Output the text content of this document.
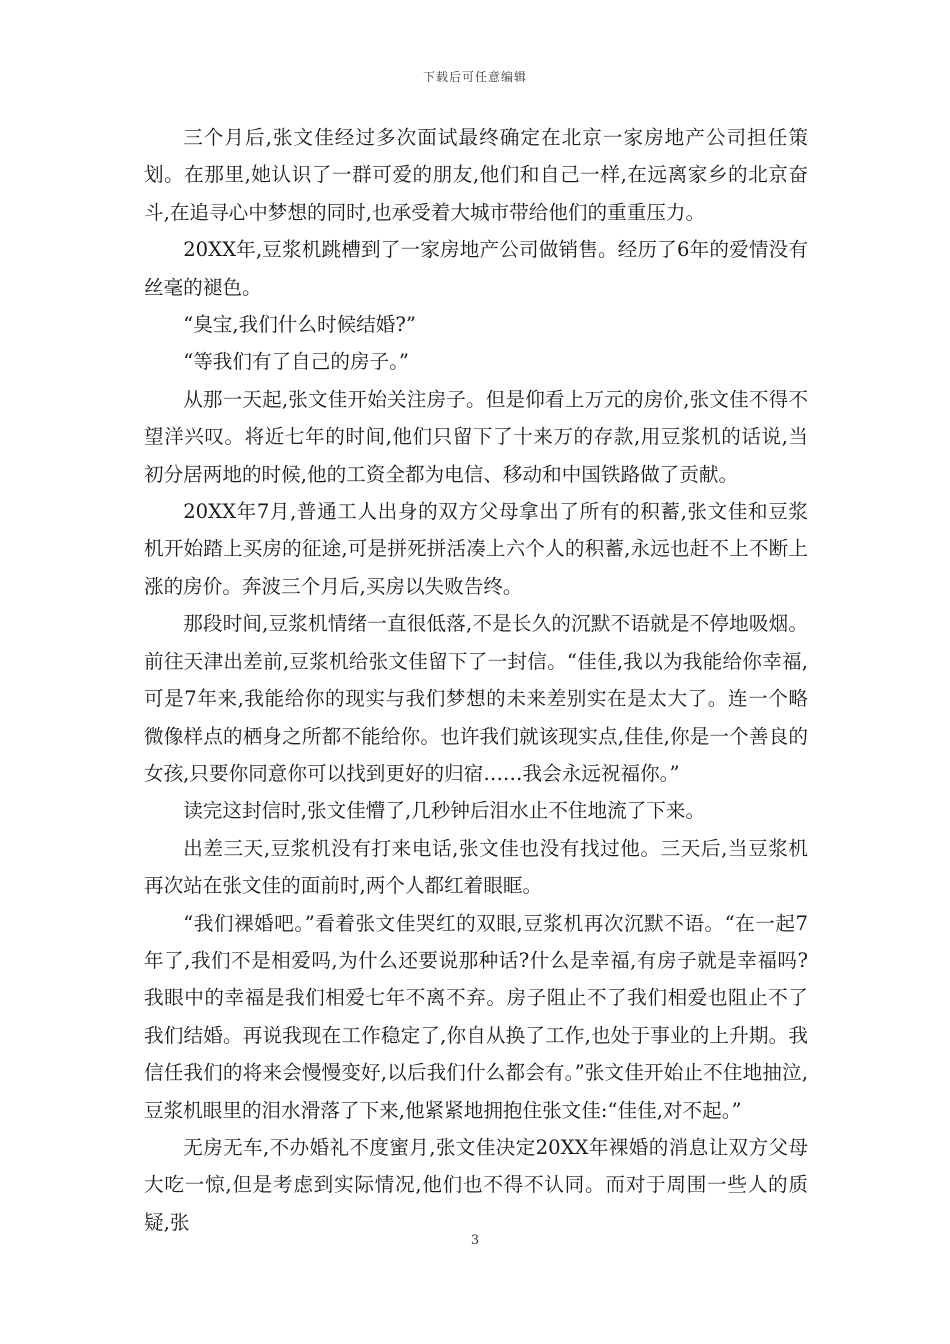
下载后可任意编辑

三个月后,张文佳经过多次面试最终确定在北京一家房地产公司担任策划。在那里,她认识了一群可爱的朋友,他们和自己一样,在远离家乡的北京奋斗,在追寻心中梦想的同时,也承受着大城市带给他们的重重压力。

20XX年,豆浆机跳槽到了一家房地产公司做销售。经历了6年的爱情没有丝毫的褪色。

“臭宝,我们什么时候结婚?”

“等我们有了自己的房子。”

从那一天起,张文佳开始关注房子。但是仰看上万元的房价,张文佳不得不望洋兴叹。将近七年的时间,他们只留下了十来万的存款,用豆浆机的话说,当初分居两地的时候,他的工资全都为电信、移动和中国铁路做了贡献。

20XX年7月,普通工人出身的双方父母拿出了所有的积蓄,张文佳和豆浆机开始踏上买房的征途,可是拼死拼活凑上六个人的积蓄,永远也赶不上不断上涨的房价。奔波三个月后,买房以失败告终。

那段时间,豆浆机情绪一直很低落,不是长久的沉默不语就是不停地吸烟。前往天津出差前,豆浆机给张文佳留下了一封信。“佳佳,我以为我能给你幸福,可是7年来,我能给你的现实与我们梦想的未来差别实在是太大了。连一个略微像样点的栖身之所都不能给你。也许我们就该现实点,佳佳,你是一个善良的女孩,只要你同意你可以找到更好的归宿……我会永远祝福你。”

读完这封信时,张文佳懵了,几秒钟后泪水止不住地流了下来。

出差三天,豆浆机没有打来电话,张文佳也没有找过他。三天后,当豆浆机再次站在张文佳的面前时,两个人都红着眼眶。

“我们裸婚吧。”看着张文佳哭红的双眼,豆浆机再次沉默不语。“在一起7年了,我们不是相爱吗,为什么还要说那种话?什么是幸福,有房子就是幸福吗?我眼中的幸福是我们相爱七年不离不弃。房子阻止不了我们相爱也阻止不了我们结婚。再说我现在工作稳定了,你自从换了工作,也处于事业的上升期。我信任我们的将来会慢慢变好,以后我们什么都会有。”张文佳开始止不住地抽泣,豆浆机眼里的泪水滑落了下来,他紧紧地拥抱住张文佳:“佳佳,对不起。”

无房无车,不办婚礼不度蜜月,张文佳决定20XX年裸婚的消息让双方父母大吃一惊,但是考虑到实际情况,他们也不得不认同。而对于周围一些人的质疑,张

3
